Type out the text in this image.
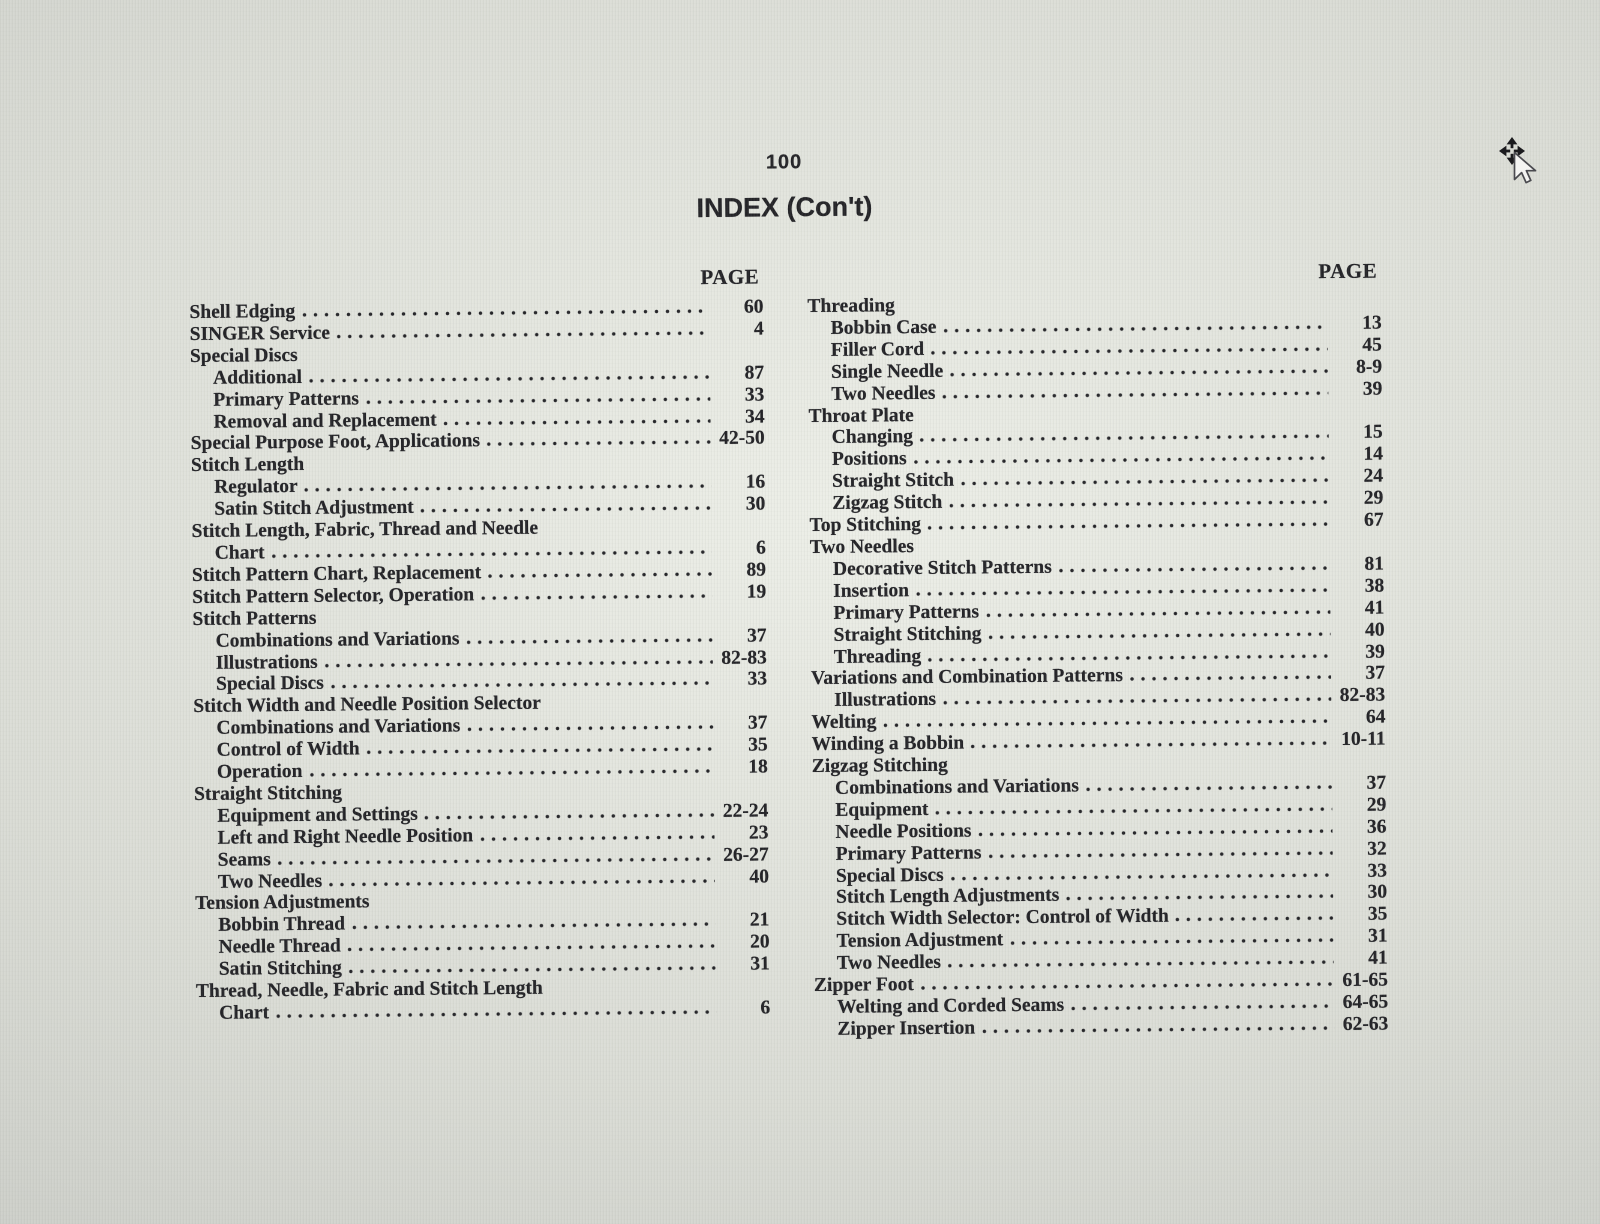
100
INDEX (Con't)
PAGE
Shell Edging	60
SINGER Service	4
Special Discs
Additional	87
Primary Patterns	33
Removal and Replacement	34
Special Purpose Foot, Applications	42-50
Stitch Length
Regulator	16
Satin Stitch Adjustment	30
Stitch Length, Fabric, Thread and Needle
Chart	6
Stitch Pattern Chart, Replacement	89
Stitch Pattern Selector, Operation	19
Stitch Patterns
Combinations and Variations	37
Illustrations	82-83
Special Discs	33
Stitch Width and Needle Position Selector
Combinations and Variations	37
Control of Width	35
Operation	18
Straight Stitching
Equipment and Settings	22-24
Left and Right Needle Position	23
Seams	26-27
Two Needles	40
Tension Adjustments
Bobbin Thread	21
Needle Thread	20
Satin Stitching	31
Thread, Needle, Fabric and Stitch Length
Chart	6
PAGE
Threading
Bobbin Case	13
Filler Cord	45
Single Needle	8-9
Two Needles	39
Throat Plate
Changing	15
Positions	14
Straight Stitch	24
Zigzag Stitch	29
Top Stitching	67
Two Needles
Decorative Stitch Patterns	81
Insertion	38
Primary Patterns	41
Straight Stitching	40
Threading	39
Variations and Combination Patterns	37
Illustrations	82-83
Welting	64
Winding a Bobbin	10-11
Zigzag Stitching
Combinations and Variations	37
Equipment	29
Needle Positions	36
Primary Patterns	32
Special Discs	33
Stitch Length Adjustments	30
Stitch Width Selector: Control of Width	35
Tension Adjustment	31
Two Needles	41
Zipper Foot	61-65
Welting and Corded Seams	64-65
Zipper Insertion	62-63
